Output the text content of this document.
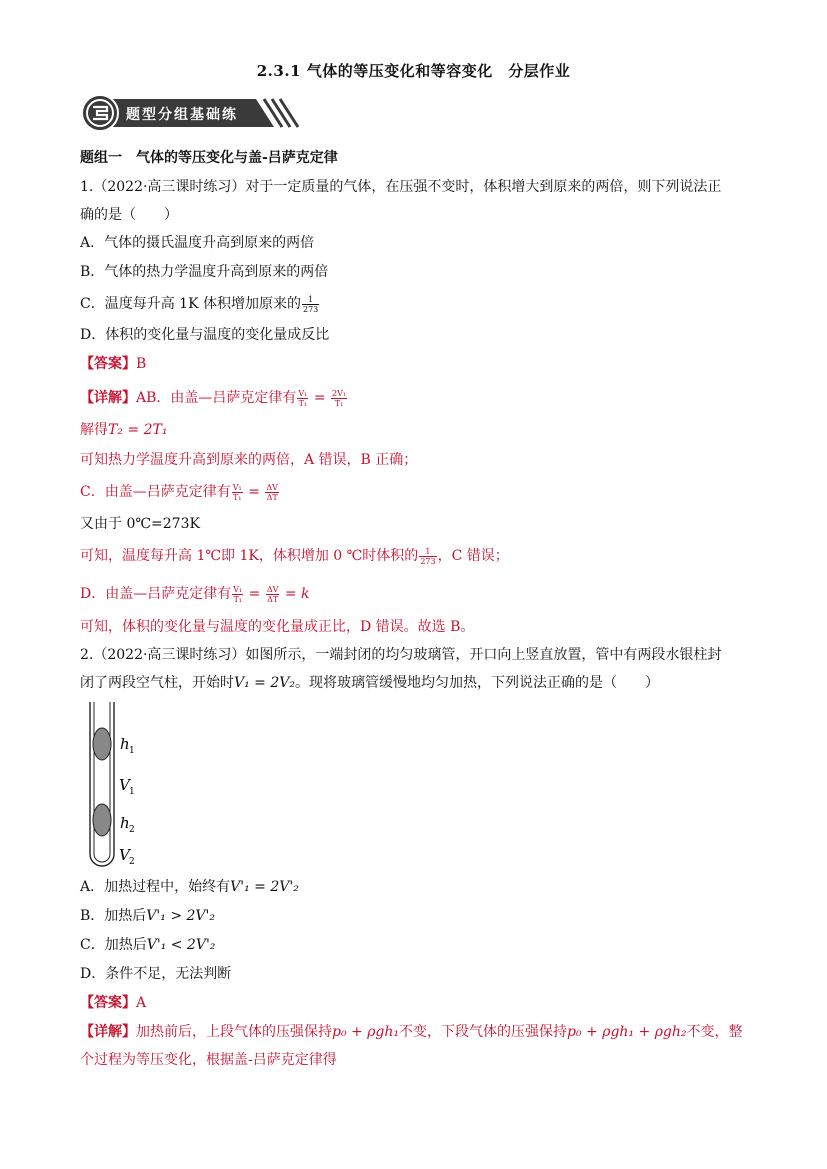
2.3.1 气体的等压变化和等容变化　分层作业
题型分组基础练
题组一　气体的等压变化与盖-吕萨克定律
1.（2022·高三课时练习）对于一定质量的气体，在压强不变时，体积增大到原来的两倍，则下列说法正
确的是（　　）
A．气体的摄氏温度升高到原来的两倍
B．气体的热力学温度升高到原来的两倍
C．温度每升高 1K 体积增加原来的 $\frac{1}{273}$
D．体积的变化量与温度的变化量成反比
【答案】B
【详解】AB．由盖—吕萨克定律有 $\frac{\text{V₁}}{\text{T₁}} = \frac{\text{2V₁}}{\text{T₁}}$
解得T₂ = 2T₁
可知热力学温度升高到原来的两倍，A 错误，B 正确；
C．由盖—吕萨克定律有 $\frac{\text{V₁}}{\text{T₁}} = \frac{\Delta V}{\Delta T}$
又由于 0℃=273K
可知，温度每升高 1℃即 1K，体积增加 0 ℃时体积的 $\frac{1}{273}$ ，C 错误；
D．由盖—吕萨克定律有 $\frac{\text{V₁}}{\text{T₁}} = \frac{\Delta V}{\Delta T} = k$
可知，体积的变化量与温度的变化量成正比，D 错误。故选 B。
2.（2022·高三课时练习）如图所示，一端封闭的均匀玻璃管，开口向上竖直放置，管中有两段水银柱封
闭了两段空气柱，开始时V₁ = 2V₂。现将玻璃管缓慢地均匀加热，下列说法正确的是（　　）
h 1
V 1
h 2
V 2
A．加热过程中，始终有V'₁ = 2V'₂
B．加热后V'₁ > 2V'₂
C．加热后V'₁ < 2V'₂
D．条件不足，无法判断
【答案】A
【详解】加热前后，上段气体的压强保持p₀ + ρgh₁不变，下段气体的压强保持p₀ + ρgh₁ + ρgh₂不变，整
个过程为等压变化，根据盖-吕萨克定律得
